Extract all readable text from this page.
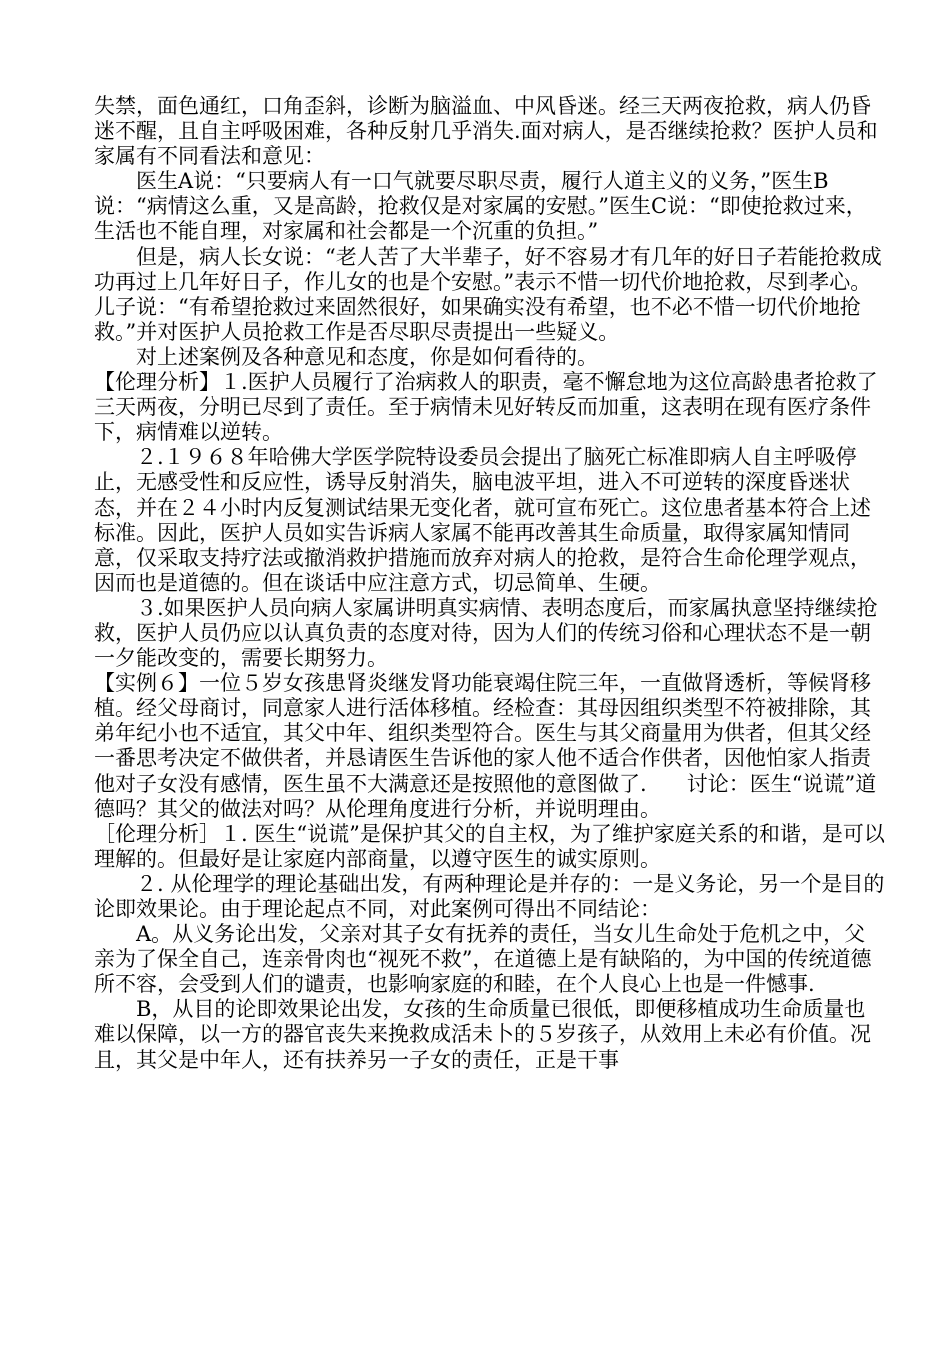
失禁，面色通红，口角歪斜，诊断为脑溢血、中风昏迷。经三天两夜抢救，病人仍昏迷不醒，且自主呼吸困难，各种反射几乎消失.面对病人，是否继续抢救？医护人员和家属有不同看法和意见：

医生A说：“只要病人有一口气就要尽职尽责，履行人道主义的义务，”医生B说：“病情这么重，又是高龄，抢救仅是对家属的安慰。”医生C说：“即使抢救过来，生活也不能自理，对家属和社会都是一个沉重的负担。”

但是，病人长女说：“老人苦了大半辈子，好不容易才有几年的好日子若能抢救成功再过上几年好日子，作儿女的也是个安慰。”表示不惜一切代价地抢救，尽到孝心。儿子说：“有希望抢救过来固然很好，如果确实没有希望，也不必不惜一切代价地抢救。”并对医护人员抢救工作是否尽职尽责提出一些疑义。

对上述案例及各种意见和态度，你是如何看待的。

【伦理分析】１.医护人员履行了治病救人的职责，毫不懈怠地为这位高龄患者抢救了三天两夜，分明已尽到了责任。至于病情未见好转反而加重，这表明在现有医疗条件下，病情难以逆转。

２.１９６８年哈佛大学医学院特设委员会提出了脑死亡标准即病人自主呼吸停止，无感受性和反应性，诱导反射消失，脑电波平坦，进入不可逆转的深度昏迷状态，并在２４小时内反复测试结果无变化者，就可宣布死亡。这位患者基本符合上述标准。因此，医护人员如实告诉病人家属不能再改善其生命质量，取得家属知情同意，仅采取支持疗法或撤消救护措施而放弃对病人的抢救，是符合生命伦理学观点，因而也是道德的。但在谈话中应注意方式，切忌简单、生硬。

３.如果医护人员向病人家属讲明真实病情、表明态度后，而家属执意坚持继续抢救，医护人员仍应以认真负责的态度对待，因为人们的传统习俗和心理状态不是一朝一夕能改变的，需要长期努力。

【实例６】一位５岁女孩患肾炎继发肾功能衰竭住院三年，一直做肾透析，等候肾移植。经父母商讨，同意家人进行活体移植。经检查：其母因组织类型不符被排除，其弟年纪小也不适宜，其父中年、组织类型符合。医生与其父商量用为供者，但其父经一番思考决定不做供者，并恳请医生告诉他的家人他不适合作供者，因他怕家人指责他对子女没有感情，医生虽不大满意还是按照他的意图做了.      讨论：医生“说谎”道德吗？其父的做法对吗？从伦理角度进行分析，并说明理由。

［伦理分析］１. 医生“说谎”是保护其父的自主权，为了维护家庭关系的和谐，是可以理解的。但最好是让家庭内部商量，以遵守医生的诚实原则。

２. 从伦理学的理论基础出发，有两种理论是并存的：一是义务论，另一个是目的论即效果论。由于理论起点不同，对此案例可得出不同结论：

A。从义务论出发，父亲对其子女有抚养的责任，当女儿生命处于危机之中，父亲为了保全自己，连亲骨肉也“视死不救”，在道德上是有缺陷的，为中国的传统道德所不容，会受到人们的谴责，也影响家庭的和睦，在个人良心上也是一件憾事.

B，从目的论即效果论出发，女孩的生命质量已很低，即便移植成功生命质量也难以保障，以一方的器官丧失来挽救成活未卜的５岁孩子，从效用上未必有价值。况且，其父是中年人，还有扶养另一子女的责任，正是干事
